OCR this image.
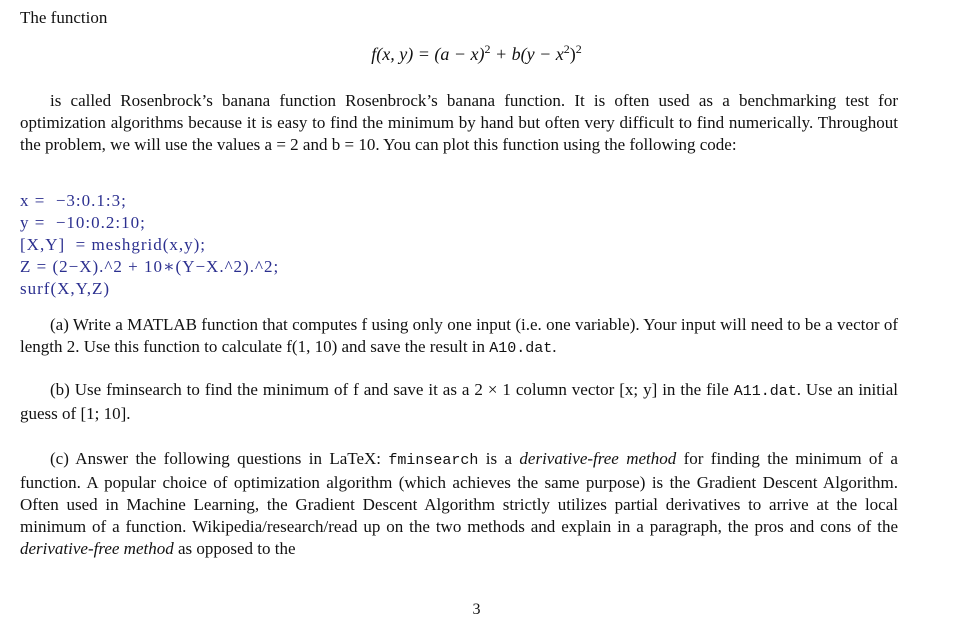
The function

f(x, $y) = (a - x)^2 + b(y - x^2)^2$

is called Rosenbrock’s banana function Rosenbrock’s banana function. It is often used as a benchmarking test for optimization algorithms because it is easy to find the minimum by hand but often very difficult to find numerically. Throughout the problem, we will use the values a = 2 and b = 10. You can plot this function using the following code:

x =  −3:0.1:3;
y =  −10:0.2:10;
[X,Y]  = meshgrid(x,y);
Z = (2−X).^2 + 10∗(Y−X.^2).^2;
surf(X,Y,Z)

(a) Write a MATLAB function that computes f using only one input (i.e. one variable). Your input will need to be a vector of length 2. Use this function to calculate f(1, 10) and save the result in A10.dat.

(b) Use fminsearch to find the minimum of f and save it as a 2 × 1 column vector [x; y] in the file A11.dat. Use an initial guess of [1; 10].

(c) Answer the following questions in LaTeX: fminsearch is a derivative-free method for finding the minimum of a function. A popular choice of optimization algorithm (which achieves the same purpose) is the Gradient Descent Algorithm. Often used in Machine Learning, the Gradient Descent Algorithm strictly utilizes partial derivatives to arrive at the local minimum of a function. Wikipedia/research/read up on the two methods and explain in a paragraph, the pros and cons of the derivative-free method as opposed to the

3
